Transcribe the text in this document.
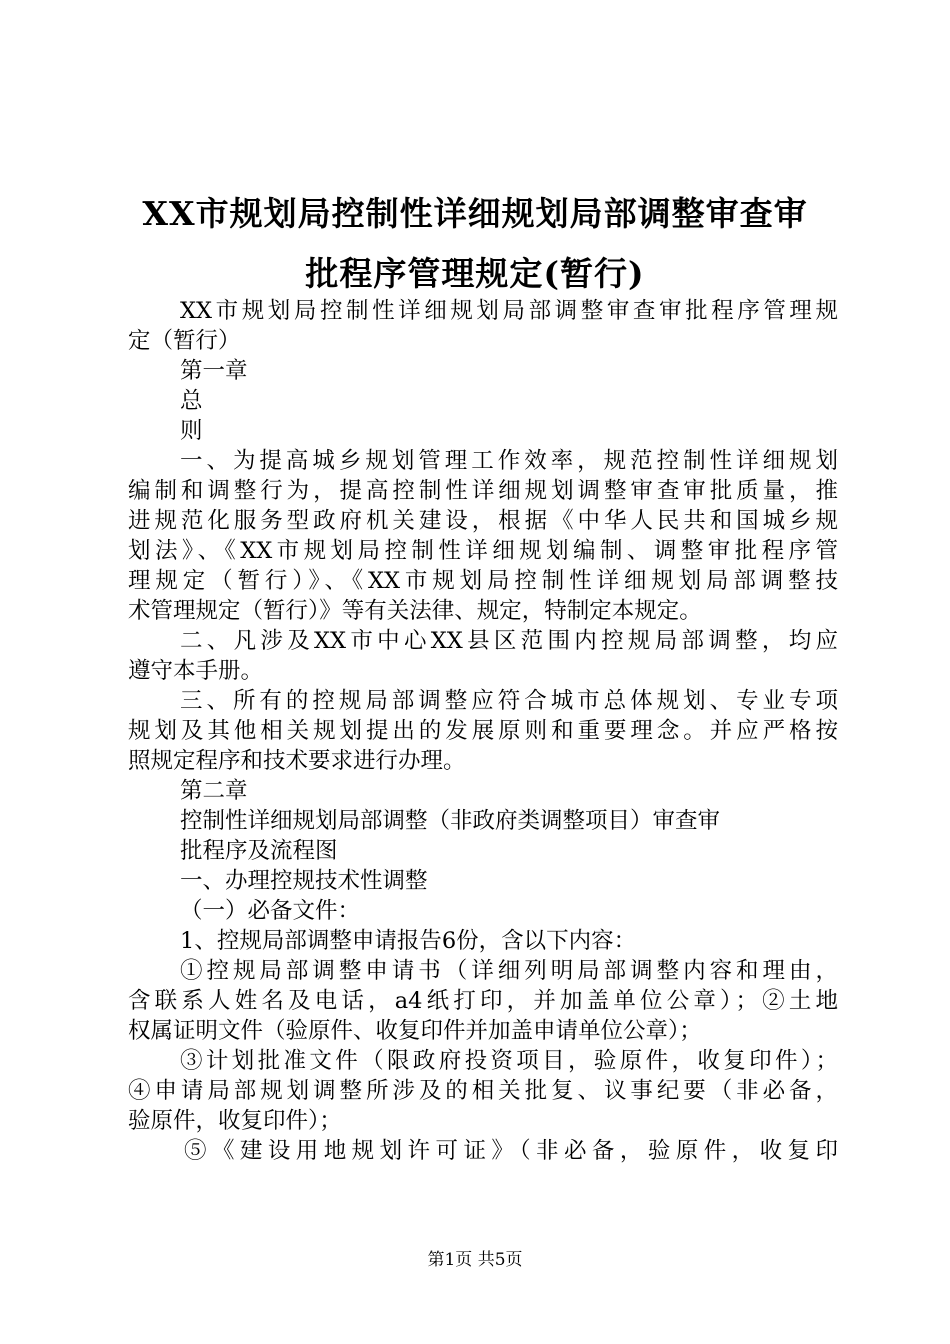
XX市规划局控制性详细规划局部调整审查审
批程序管理规定(暂行)
XX市规划局控制性详细规划局部调整审查审批程序管理规
定（暂行）
第一章
总
则
一、为提高城乡规划管理工作效率，规范控制性详细规划
编制和调整行为，提高控制性详细规划调整审查审批质量，推
进规范化服务型政府机关建设，根据《中华人民共和国城乡规
划法》、《XX市规划局控制性详细规划编制、调整审批程序管
理规定（暂行）》、《XX市规划局控制性详细规划局部调整技
术管理规定（暂行）》等有关法律、规定，特制定本规定。
二、凡涉及XX市中心XX县区范围内控规局部调整，均应
遵守本手册。
三、所有的控规局部调整应符合城市总体规划、专业专项
规划及其他相关规划提出的发展原则和重要理念。并应严格按
照规定程序和技术要求进行办理。
第二章
控制性详细规划局部调整（非政府类调整项目）审查审
批程序及流程图
一、办理控规技术性调整
（一）必备文件：
1、控规局部调整申请报告6份，含以下内容：
①控规局部调整申请书（详细列明局部调整内容和理由，
含联系人姓名及电话，a4纸打印，并加盖单位公章）；②土地
权属证明文件（验原件、收复印件并加盖申请单位公章）；
③计划批准文件（限政府投资项目，验原件，收复印件）；
④申请局部规划调整所涉及的相关批复、议事纪要（非必备，
验原件，收复印件）；
⑤《建设用地规划许可证》（非必备，验原件，收复印
第1页 共5页
